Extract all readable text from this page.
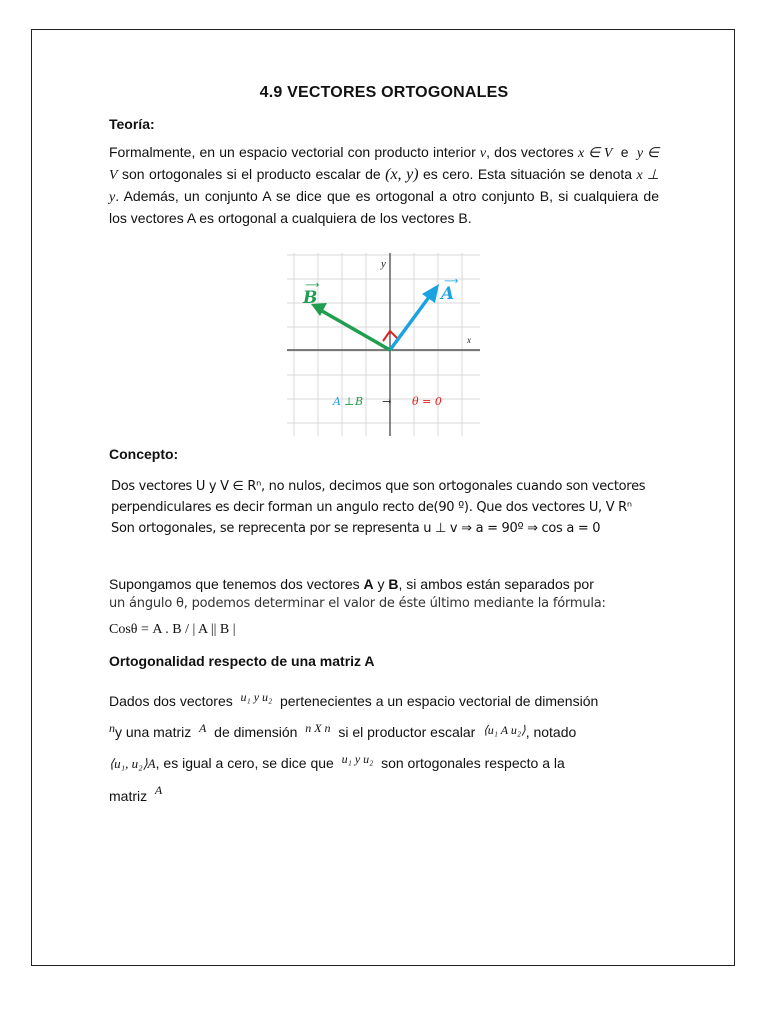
4.9 VECTORES ORTOGONALES
Teoría:

Formalmente, en un espacio vectorial con producto interior v, dos vectores x ∈ V e y ∈ V son ortogonales si el producto escalar de (x, y) es cero. Esta situación se denota x ⊥ y. Además, un conjunto A se dice que es ortogonal a otro conjunto B, si cualquiera de los vectores A es ortogonal a cualquiera de los vectores B.

y
x
A
⟶
B
⟶
A ⊥ B → θ = 0
Concepto:
Dos vectores U y V ∈ Rⁿ, no nulos, decimos que son ortogonales cuando son vectores
perpendiculares es decir forman un angulo recto de(90 º). Que dos vectores U, V Rⁿ
Son ortogonales, se reprecenta por se representa u ⊥ v ⇒ a = 90º ⇒ cos a = 0

Supongamos que tenemos dos vectores A y B, si ambos están separados por

un ángulo θ, podemos determinar el valor de éste último mediante la fórmula:

Cosθ = A . B / | A || B |

Ortogonalidad respecto de una matriz A
Dados dos vectores u₁ y u₂ pertenecientes a un espacio vectorial de dimensión
ny una matriz A de dimensión n X n si el productor escalar ⟨u₁ A u₂⟩, notado
⟨u₁, u₂⟩A, es igual a cero, se dice que u₁ y u₂ son ortogonales respecto a la
matriz A
